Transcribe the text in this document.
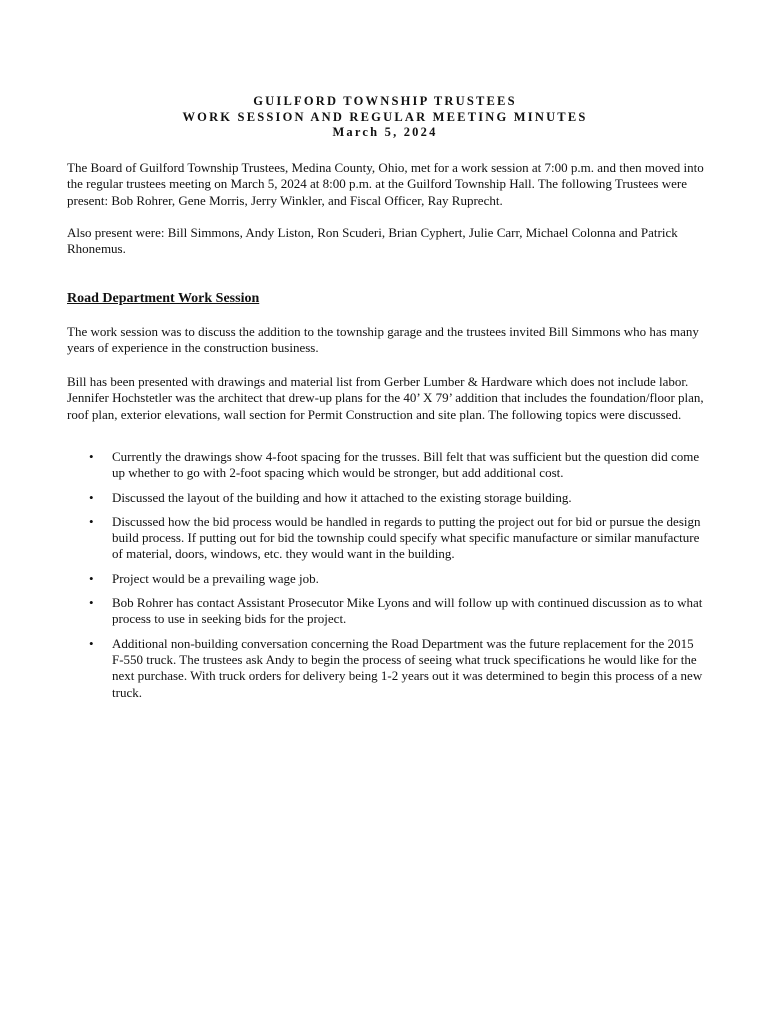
GUILFORD TOWNSHIP TRUSTEES
WORK SESSION AND REGULAR MEETING MINUTES
March 5, 2024
The Board of Guilford Township Trustees, Medina County, Ohio, met for a work session at 7:00 p.m. and then moved into the regular trustees meeting on March 5, 2024 at 8:00 p.m. at the Guilford Township Hall. The following Trustees were present: Bob Rohrer, Gene Morris, Jerry Winkler, and Fiscal Officer, Ray Ruprecht.
Also present were: Bill Simmons, Andy Liston, Ron Scuderi, Brian Cyphert, Julie Carr, Michael Colonna and Patrick Rhonemus.
Road Department Work Session
The work session was to discuss the addition to the township garage and the trustees invited Bill Simmons who has many years of experience in the construction business.
Bill has been presented with drawings and material list from Gerber Lumber & Hardware which does not include labor. Jennifer Hochstetler was the architect that drew-up plans for the 40’ X 79’ addition that includes the foundation/floor plan, roof plan, exterior elevations, wall section for Permit Construction and site plan. The following topics were discussed.
• Currently the drawings show 4-foot spacing for the trusses. Bill felt that was sufficient but the question did come up whether to go with 2-foot spacing which would be stronger, but add additional cost.
• Discussed the layout of the building and how it attached to the existing storage building.
• Discussed how the bid process would be handled in regards to putting the project out for bid or pursue the design build process. If putting out for bid the township could specify what specific manufacture or similar manufacture of material, doors, windows, etc. they would want in the building.
• Project would be a prevailing wage job.
• Bob Rohrer has contact Assistant Prosecutor Mike Lyons and will follow up with continued discussion as to what process to use in seeking bids for the project.
• Additional non-building conversation concerning the Road Department was the future replacement for the 2015 F-550 truck. The trustees ask Andy to begin the process of seeing what truck specifications he would like for the next purchase. With truck orders for delivery being 1-2 years out it was determined to begin this process of a new truck.
